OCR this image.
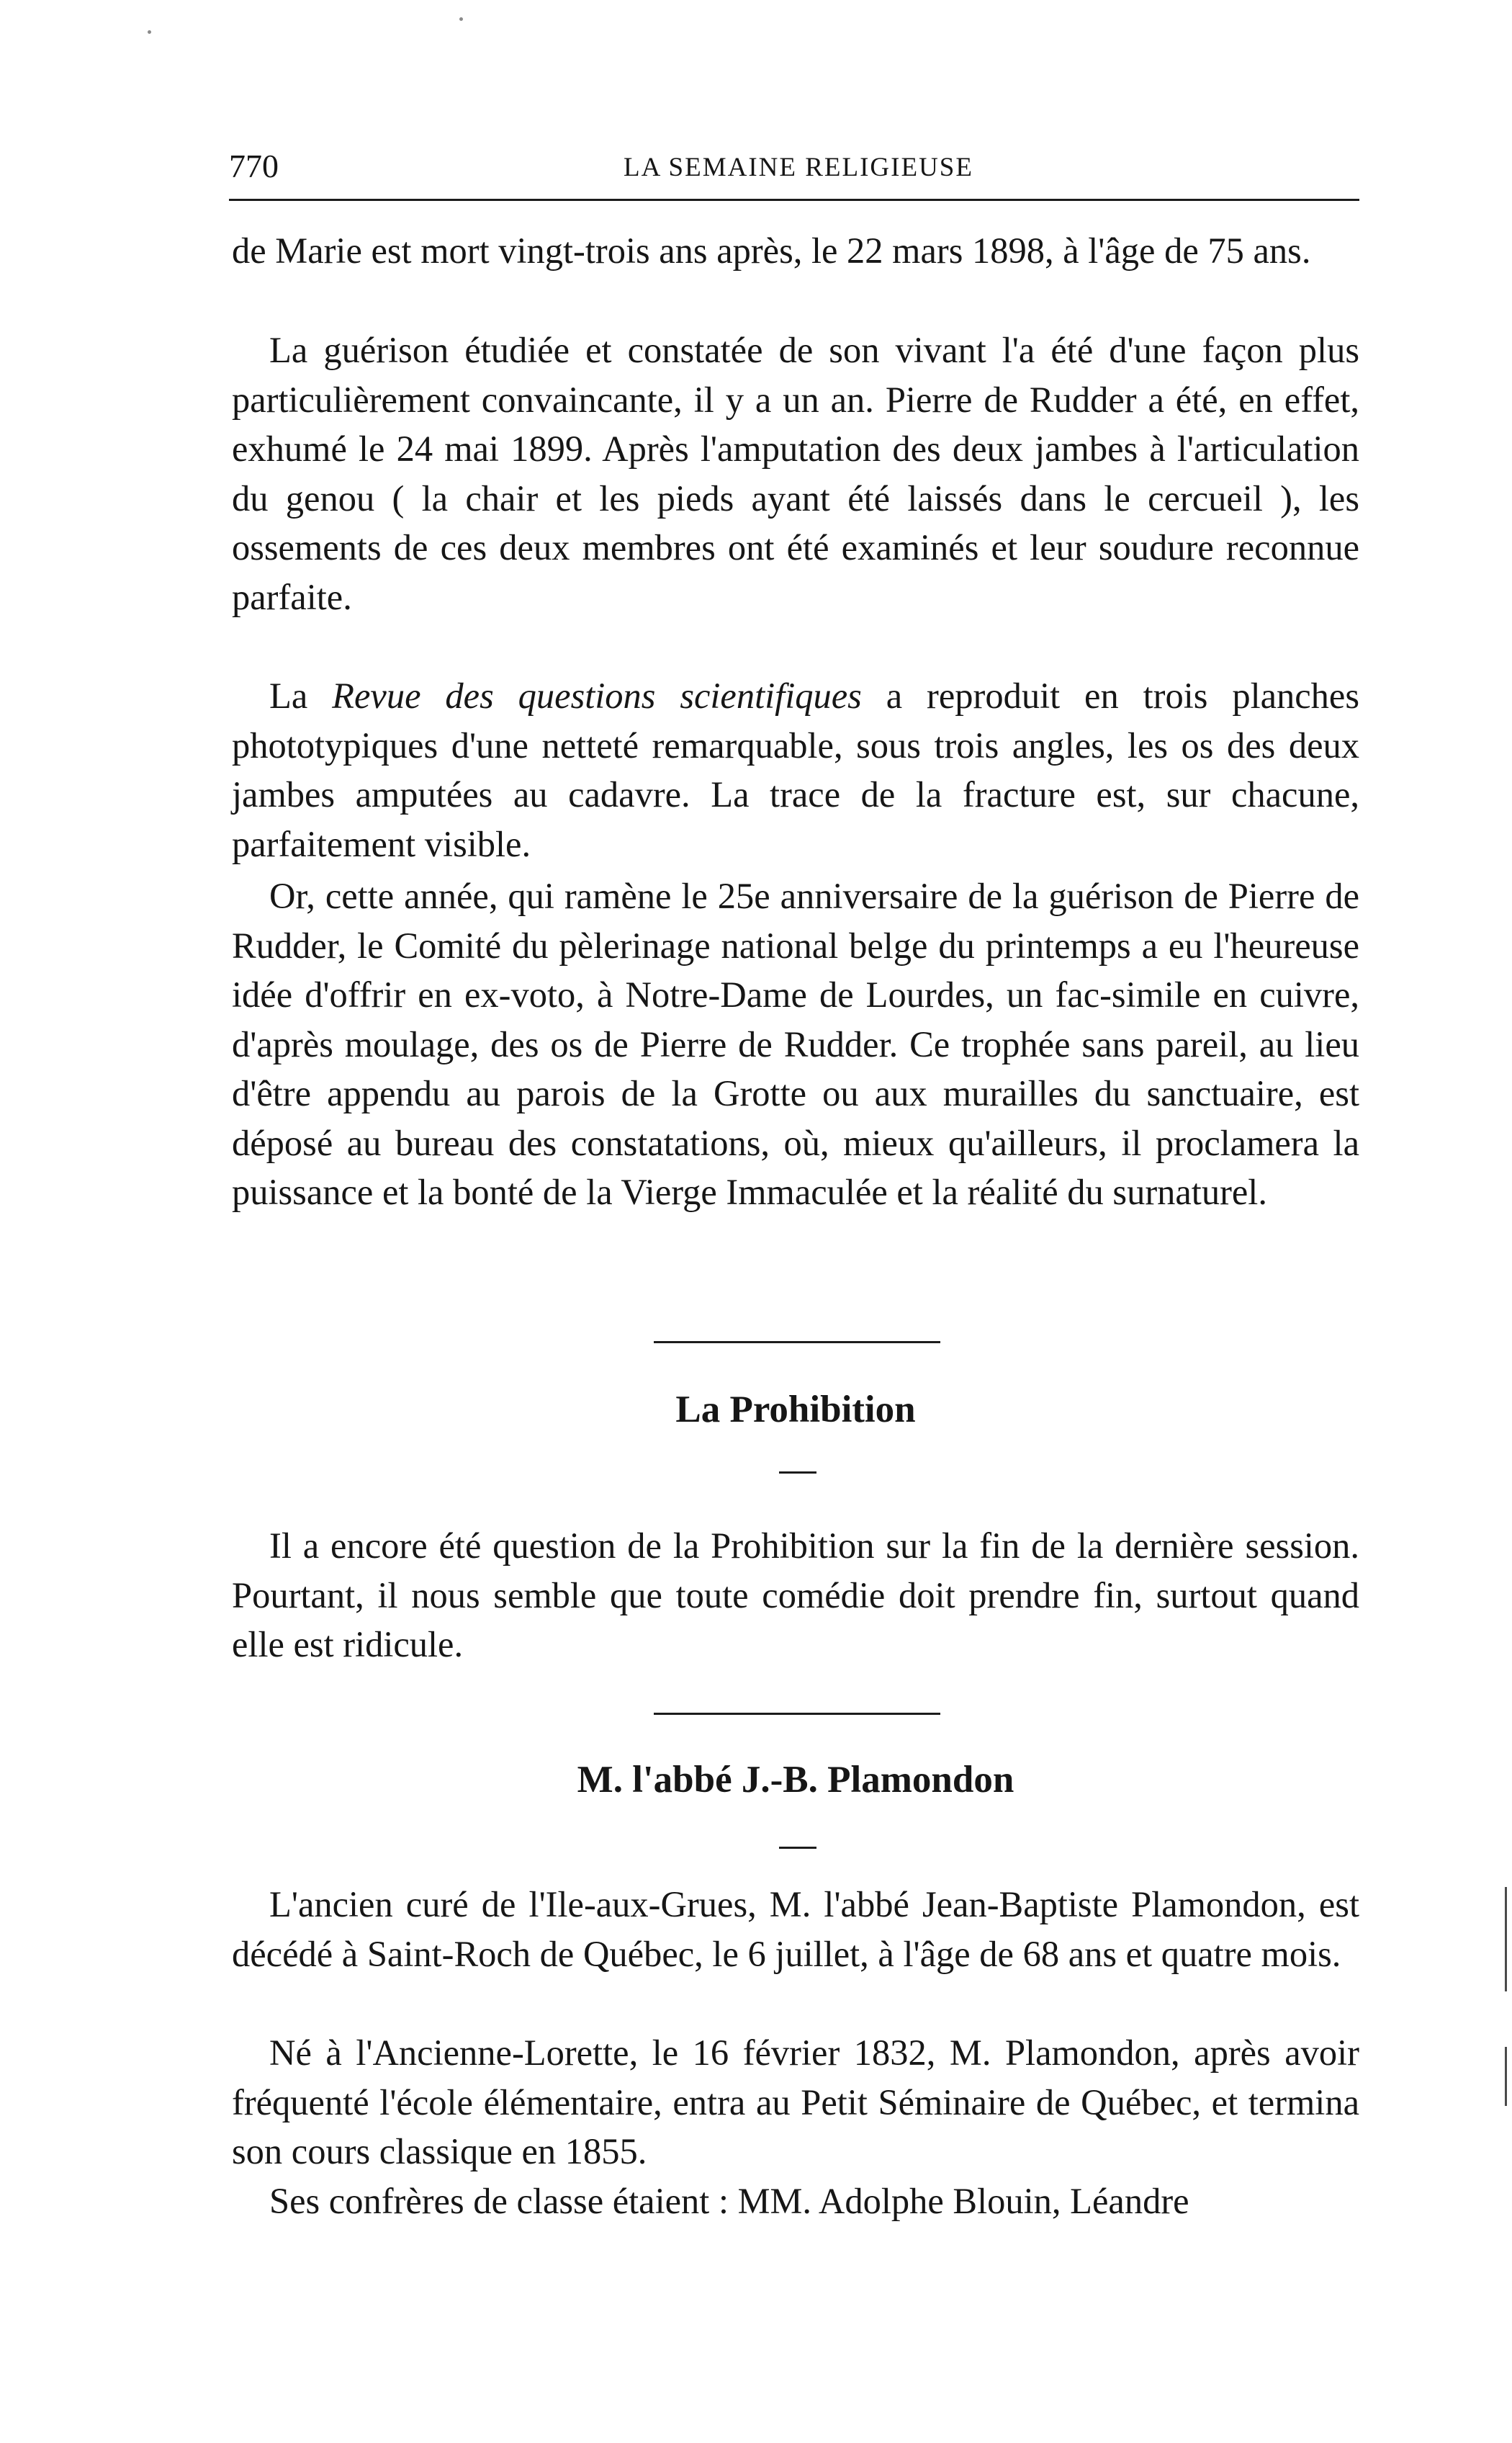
770	LA SEMAINE RELIGIEUSE

de Marie est mort vingt-trois ans après, le 22 mars 1898, à l'âge de 75 ans.

La guérison étudiée et constatée de son vivant l'a été d'une façon plus particulièrement convaincante, il y a un an. Pierre de Rudder a été, en effet, exhumé le 24 mai 1899. Après l'amputation des deux jambes à l'articulation du genou ( la chair et les pieds ayant été laissés dans le cercueil ), les ossements de ces deux membres ont été examinés et leur soudure reconnue parfaite.

La Revue des questions scientifiques a reproduit en trois planches phototypiques d'une netteté remarquable, sous trois angles, les os des deux jambes amputées au cadavre. La trace de la fracture est, sur chacune, parfaitement visible.

Or, cette année, qui ramène le 25e anniversaire de la guérison de Pierre de Rudder, le Comité du pèlerinage national belge du printemps a eu l'heureuse idée d'offrir en ex-voto, à Notre-Dame de Lourdes, un fac-simile en cuivre, d'après moulage, des os de Pierre de Rudder. Ce trophée sans pareil, au lieu d'être appendu au parois de la Grotte ou aux murailles du sanctuaire, est déposé au bureau des constatations, où, mieux qu'ailleurs, il proclamera la puissance et la bonté de la Vierge Immaculée et la réalité du surnaturel.

La Prohibition

Il a encore été question de la Prohibition sur la fin de la dernière session. Pourtant, il nous semble que toute comédie doit prendre fin, surtout quand elle est ridicule.

M. l'abbé J.-B. Plamondon

L'ancien curé de l'Ile-aux-Grues, M. l'abbé Jean-Baptiste Plamondon, est décédé à Saint-Roch de Québec, le 6 juillet, à l'âge de 68 ans et quatre mois.

Né à l'Ancienne-Lorette, le 16 février 1832, M. Plamondon, après avoir fréquenté l'école élémentaire, entra au Petit Séminaire de Québec, et termina son cours classique en 1855.

Ses confrères de classe étaient : MM. Adolphe Blouin, Léandre
